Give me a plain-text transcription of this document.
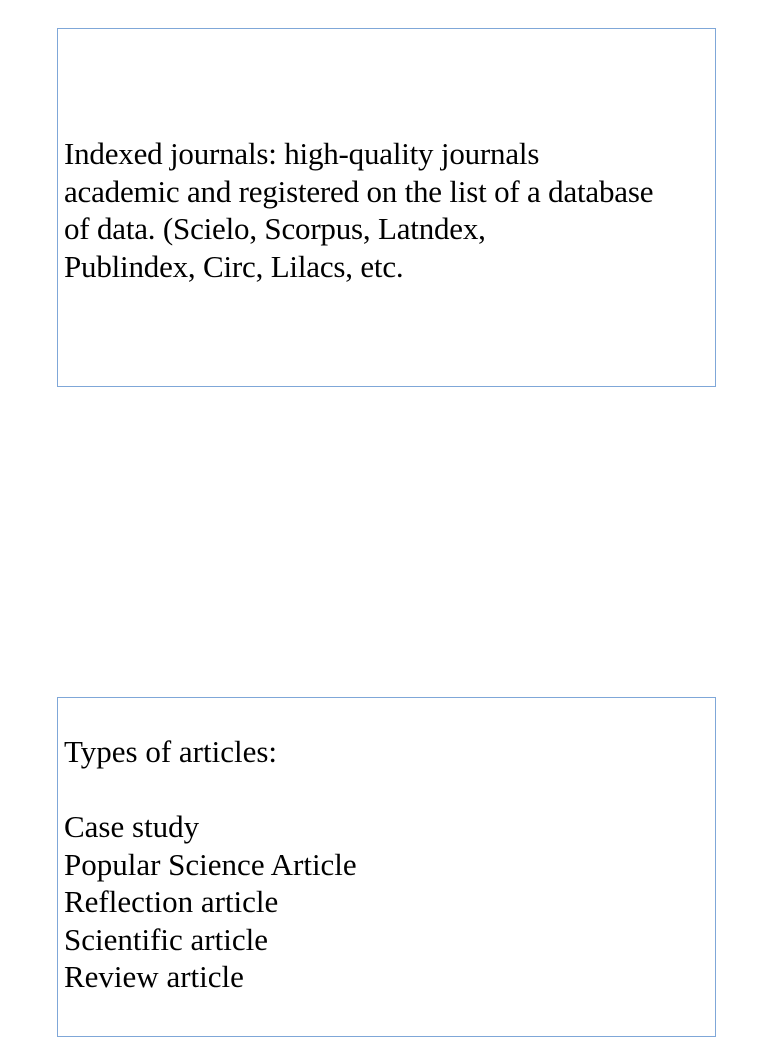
Indexed journals: high-quality journals
academic and registered on the list of a database
of data. (Scielo, Scorpus, Latndex,
Publindex, Circ, Lilacs, etc.

Types of articles:
Case study
Popular Science Article
Reflection article
Scientific article
Review article
